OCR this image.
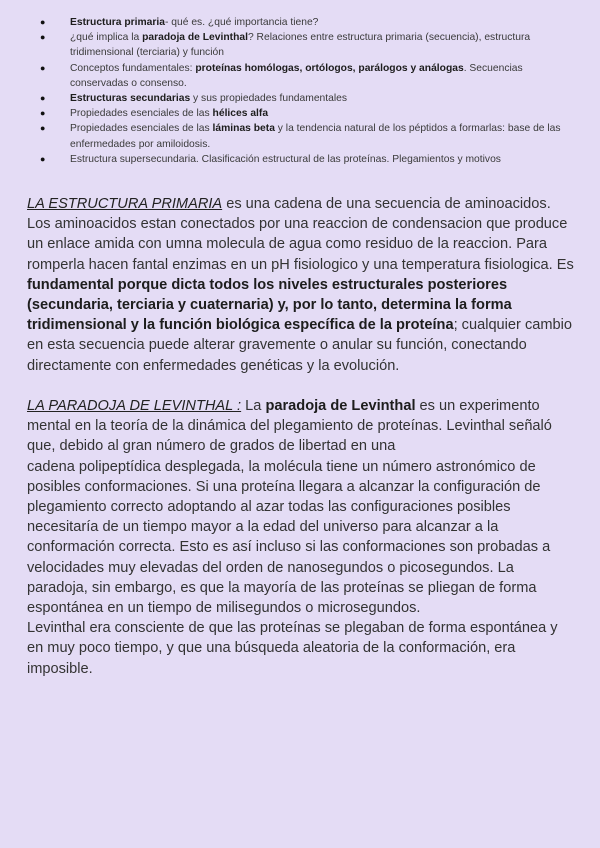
● Estructura primaria- qué es. ¿qué importancia tiene?
● ¿qué implica la paradoja de Levinthal? Relaciones entre estructura primaria (secuencia), estructura tridimensional (terciaria) y función
● Conceptos fundamentales: proteínas homólogas, ortólogos, parálogos y análogas. Secuencias conservadas o consenso.
● Estructuras secundarias y sus propiedades fundamentales
● Propiedades esenciales de las hélices alfa
● Propiedades esenciales de las láminas beta y la tendencia natural de los péptidos a formarlas: base de las enfermedades por amiloidosis.
● Estructura supersecundaria. Clasificación estructural de las proteínas. Plegamientos y motivos
LA ESTRUCTURA PRIMARIA es una cadena de una secuencia de aminoacidos. Los aminoacidos estan conectados por una reaccion de condensacion que produce un enlace amida con umna molecula de agua como residuo de la reaccion. Para romperla hacen fantal enzimas en un pH fisiologico y una temperatura fisiologica. Es fundamental porque dicta todos los niveles estructurales posteriores (secundaria, terciaria y cuaternaria) y, por lo tanto, determina la forma tridimensional y la función biológica específica de la proteína; cualquier cambio en esta secuencia puede alterar gravemente o anular su función, conectando directamente con enfermedades genéticas y la evolución.
LA PARADOJA DE LEVINTHAL : La paradoja de Levinthal es un experimento mental en la teoría de la dinámica del plegamiento de proteínas. Levinthal señaló que, debido al gran número de grados de libertad en una
cadena polipeptídica desplegada, la molécula tiene un número astronómico de posibles conformaciones. Si una proteína llegara a alcanzar la configuración de plegamiento correcto adoptando al azar todas las configuraciones posibles necesitaría de un tiempo mayor a la edad del universo para alcanzar a la conformación correcta. Esto es así incluso si las conformaciones son probadas a velocidades muy elevadas del orden de nanosegundos o picosegundos. La paradoja, sin embargo, es que la mayoría de las proteínas se pliegan de forma espontánea en un tiempo de milisegundos o microsegundos.
Levinthal era consciente de que las proteínas se plegaban de forma espontánea y en muy poco tiempo, y que una búsqueda aleatoria de la conformación, era imposible.
